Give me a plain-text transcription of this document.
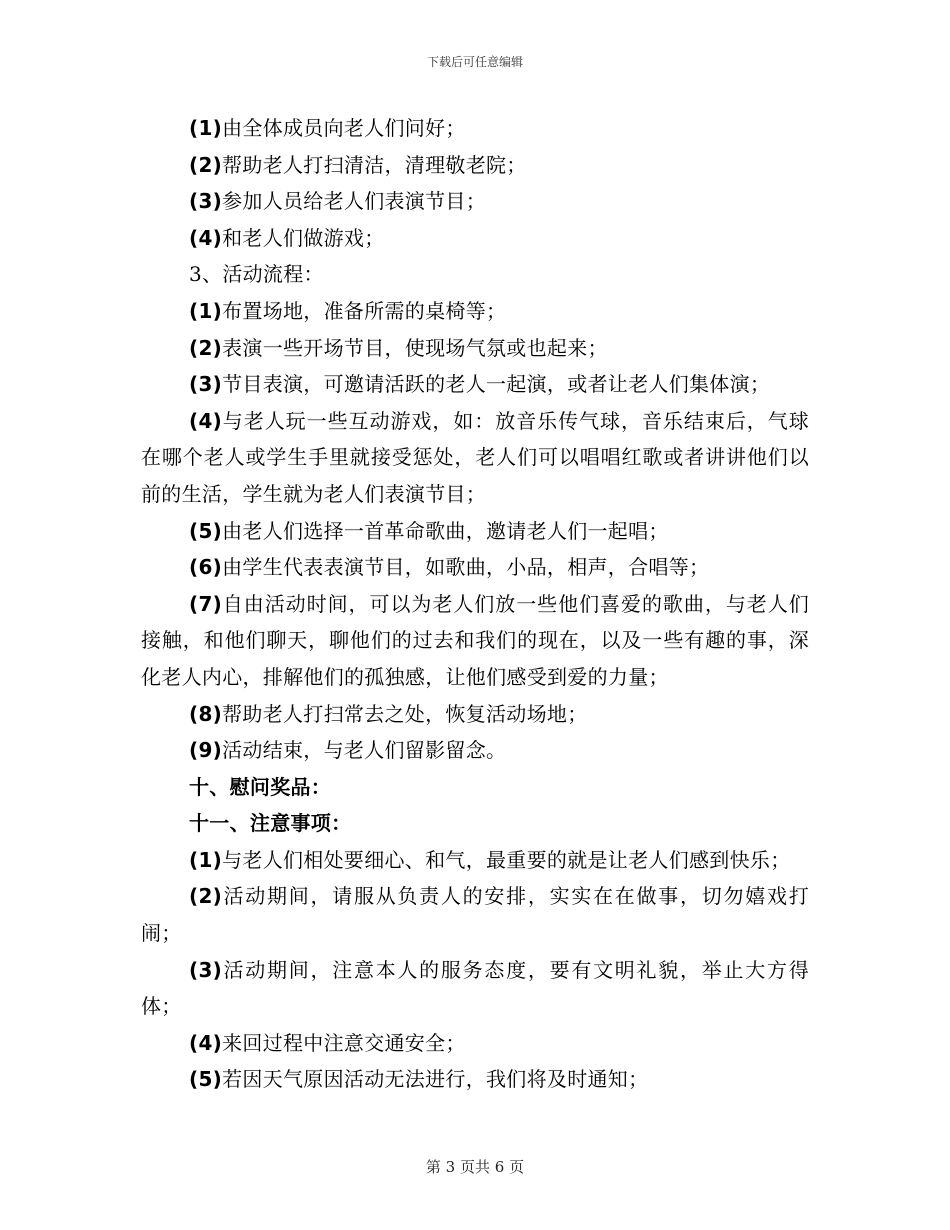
下载后可任意编辑

(1)由全体成员向老人们问好；

(2)帮助老人打扫清洁，清理敬老院；

(3)参加人员给老人们表演节目；

(4)和老人们做游戏；

3、活动流程：

(1)布置场地，准备所需的桌椅等；

(2)表演一些开场节目，使现场气氛或也起来；

(3)节目表演，可邀请活跃的老人一起演，或者让老人们集体演；

(4)与老人玩一些互动游戏，如：放音乐传气球，音乐结束后，气球在哪个老人或学生手里就接受惩处，老人们可以唱唱红歌或者讲讲他们以前的生活，学生就为老人们表演节目；

(5)由老人们选择一首革命歌曲，邀请老人们一起唱；

(6)由学生代表表演节目，如歌曲，小品，相声，合唱等；

(7)自由活动时间，可以为老人们放一些他们喜爱的歌曲，与老人们接触，和他们聊天，聊他们的过去和我们的现在，以及一些有趣的事，深化老人内心，排解他们的孤独感，让他们感受到爱的力量；

(8)帮助老人打扫常去之处，恢复活动场地；

(9)活动结束，与老人们留影留念。

十、慰问奖品：

十一、注意事项：

(1)与老人们相处要细心、和气，最重要的就是让老人们感到快乐；

(2)活动期间，请服从负责人的安排，实实在在做事，切勿嬉戏打闹；

(3)活动期间，注意本人的服务态度，要有文明礼貌，举止大方得体；

(4)来回过程中注意交通安全；

(5)若因天气原因活动无法进行，我们将及时通知；

第 3 页共 6 页
